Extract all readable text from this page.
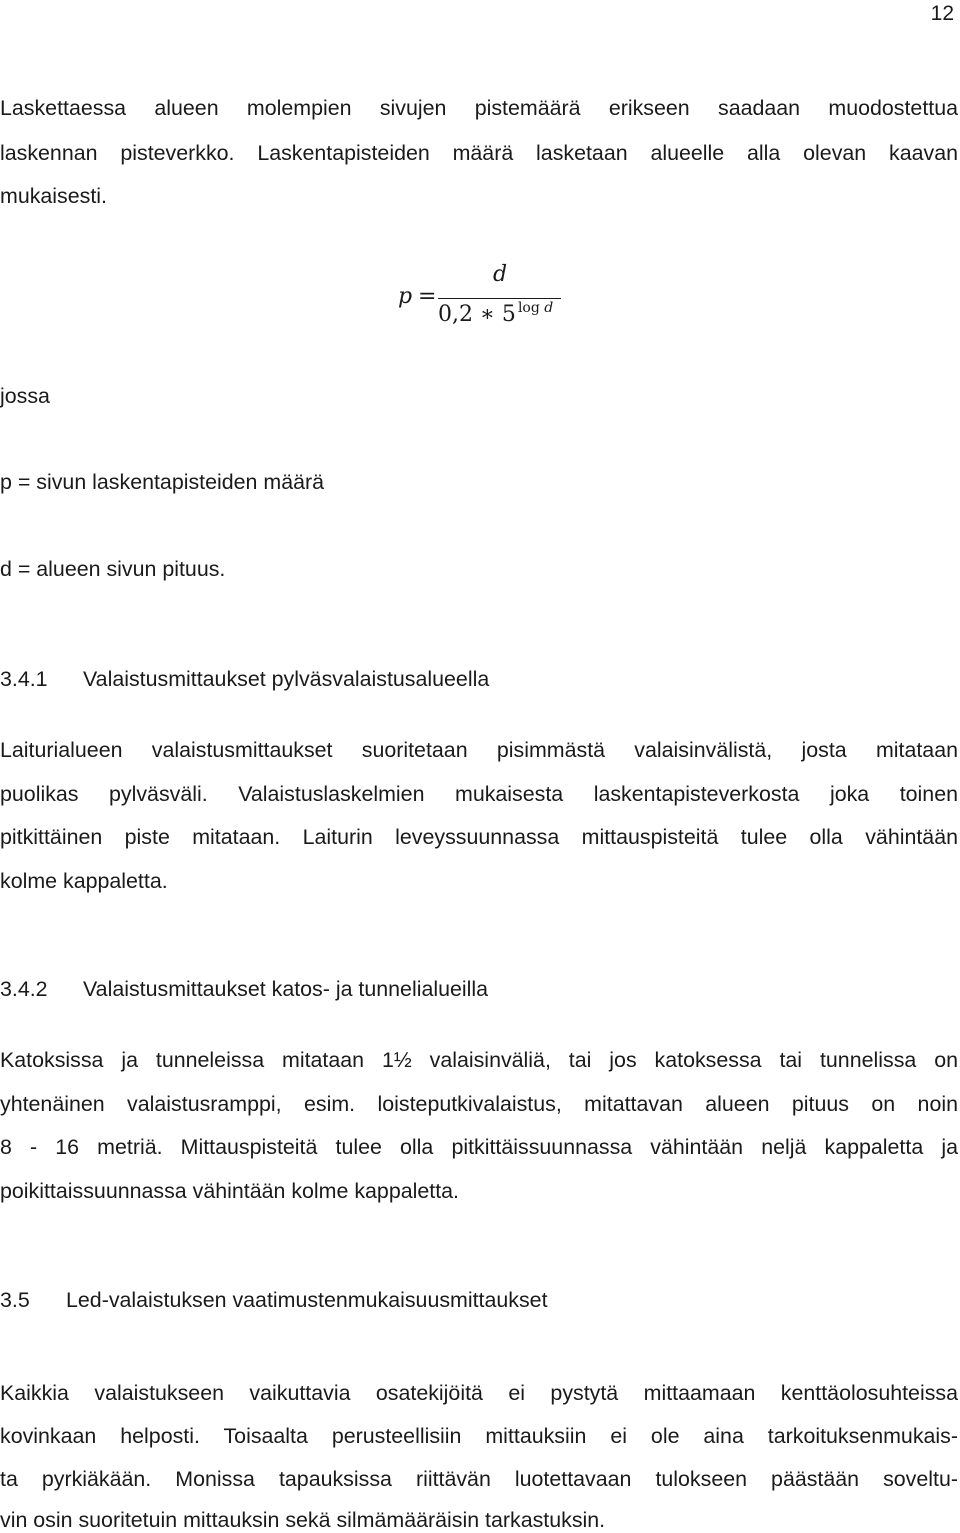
12

Laskettaessa alueen molempien sivujen pistemäärä erikseen saadaan muodostettua

laskennan pisteverkko. Laskentapisteiden määrä lasketaan alueelle alla olevan kaavan

mukaisesti.

p =
d
0,2 ∗ 5 $^{log d}$

jossa

p = sivun laskentapisteiden määrä

d = alueen sivun pituus.

3.4.1 Valaistusmittaukset pylväsvalaistusalueella

Laiturialueen valaistusmittaukset suoritetaan pisimmästä valaisinvälistä, josta mitataan

puolikas pylväsväli. Valaistuslaskelmien mukaisesta laskentapisteverkosta joka toinen

pitkittäinen piste mitataan. Laiturin leveyssuunnassa mittauspisteitä tulee olla vähintään

kolme kappaletta.

3.4.2 Valaistusmittaukset katos- ja tunnelialueilla

Katoksissa ja tunneleissa mitataan 1½ valaisinväliä, tai jos katoksessa tai tunnelissa on

yhtenäinen valaistusramppi, esim. loisteputkivalaistus, mitattavan alueen pituus on noin

8 - 16 metriä. Mittauspisteitä tulee olla pitkittäissuunnassa vähintään neljä kappaletta ja

poikittaissuunnassa vähintään kolme kappaletta.

3.5 Led-valaistuksen vaatimustenmukaisuusmittaukset

Kaikkia valaistukseen vaikuttavia osatekijöitä ei pystytä mittaamaan kenttäolosuhteissa

kovinkaan helposti. Toisaalta perusteellisiin mittauksiin ei ole aina tarkoituksenmukais-

ta pyrkiäkään. Monissa tapauksissa riittävän luotettavaan tulokseen päästään soveltu-

vin osin suoritetuin mittauksin sekä silmämääräisin tarkastuksin.
